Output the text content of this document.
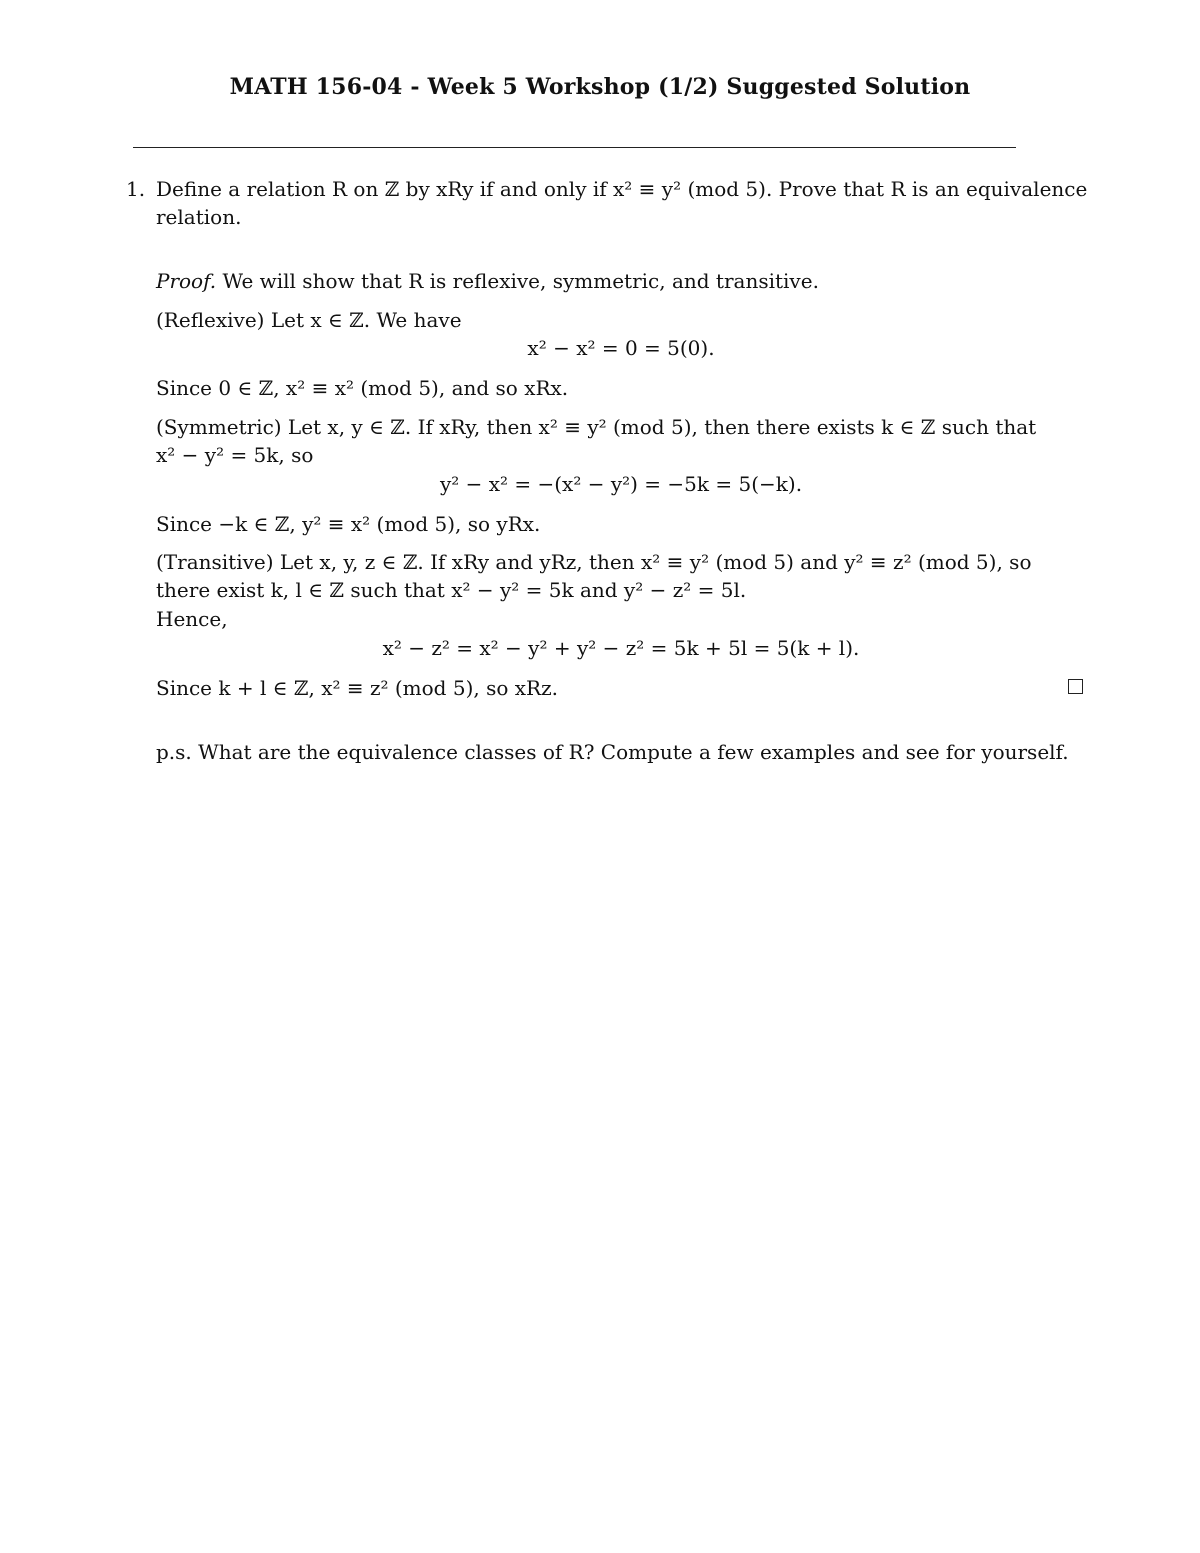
MATH 156-04 - Week 5 Workshop (1/2) Suggested Solution
1. Define a relation R on ℤ by xRy if and only if x² ≡ y² (mod 5). Prove that R is an equivalence
relation.
Proof. We will show that R is reflexive, symmetric, and transitive.
(Reflexive) Let x ∈ ℤ. We have
x² − x² = 0 = 5(0).
Since 0 ∈ ℤ, x² ≡ x² (mod 5), and so xRx.
(Symmetric) Let x, y ∈ ℤ. If xRy, then x² ≡ y² (mod 5), then there exists k ∈ ℤ such that
x² − y² = 5k, so
y² − x² = −(x² − y²) = −5k = 5(−k).
Since −k ∈ ℤ, y² ≡ x² (mod 5), so yRx.
(Transitive) Let x, y, z ∈ ℤ. If xRy and yRz, then x² ≡ y² (mod 5) and y² ≡ z² (mod 5), so
there exist k, l ∈ ℤ such that x² − y² = 5k and y² − z² = 5l.
Hence,
x² − z² = x² − y² + y² − z² = 5k + 5l = 5(k + l).
Since k + l ∈ ℤ, x² ≡ z² (mod 5), so xRz.
p.s. What are the equivalence classes of R? Compute a few examples and see for yourself.
